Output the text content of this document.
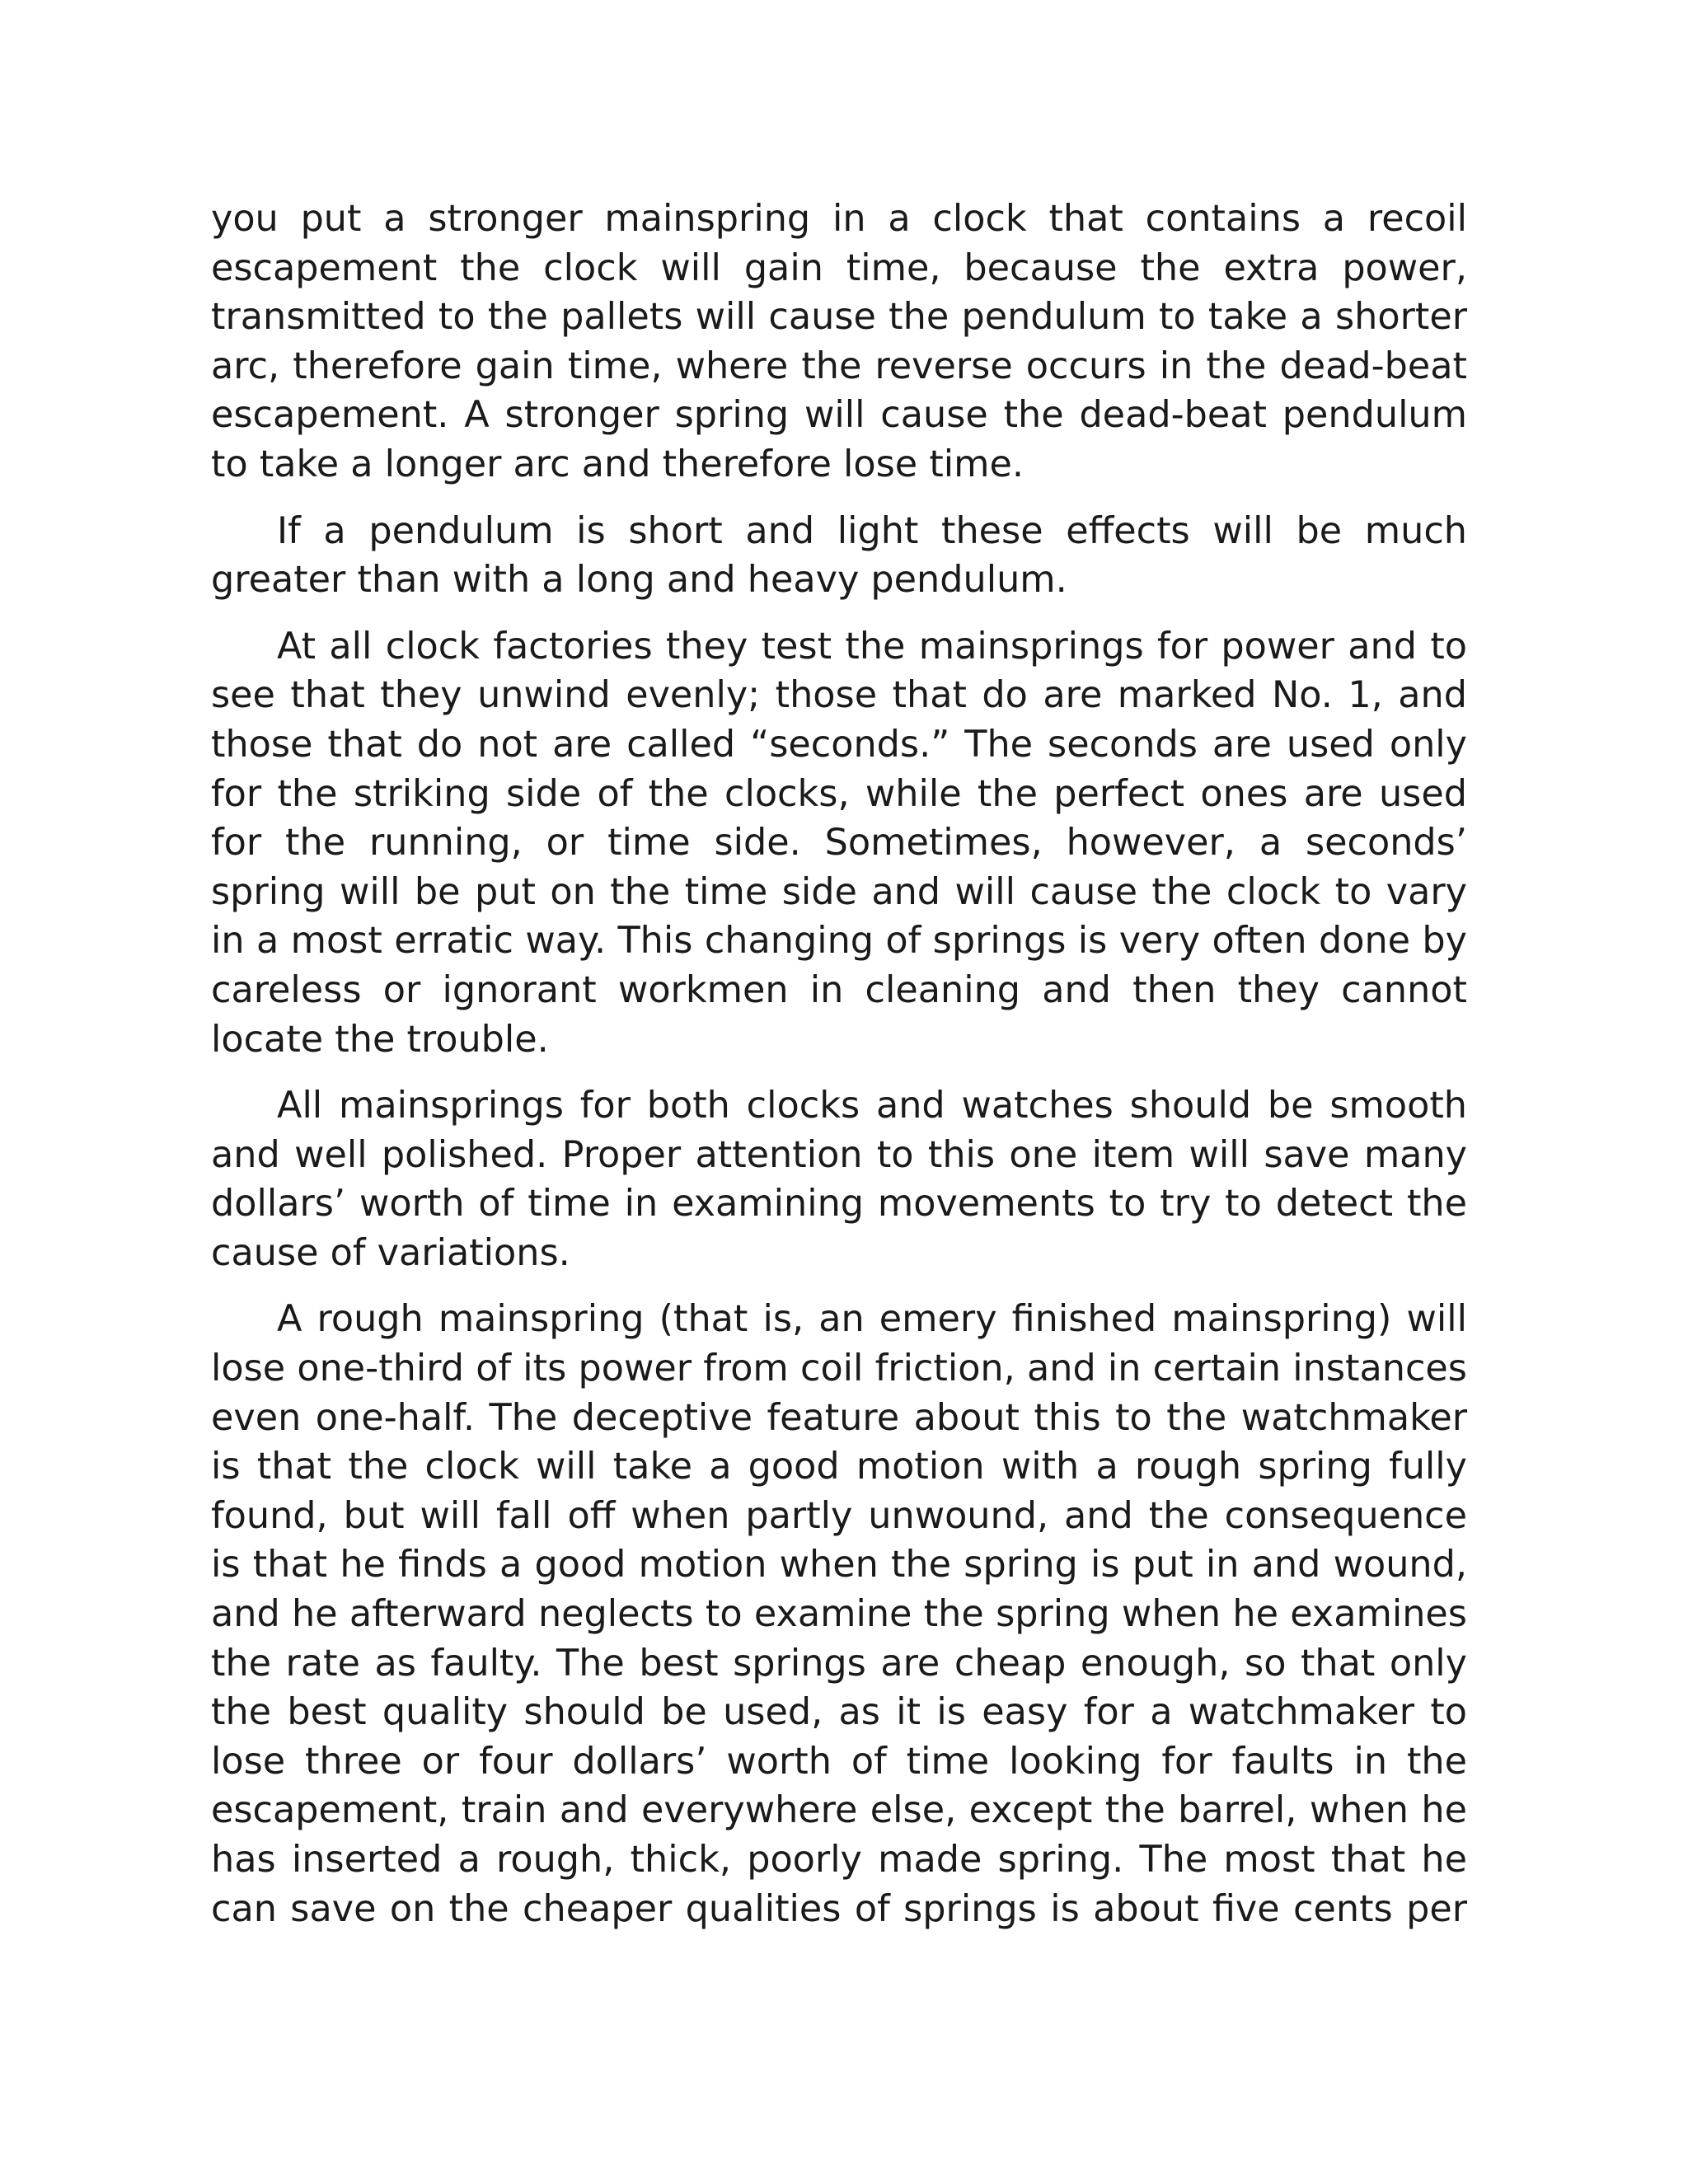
you put a stronger mainspring in a clock that contains a recoil escapement the clock will gain time, because the extra power, transmitted to the pallets will cause the pendulum to take a shorter arc, therefore gain time, where the reverse occurs in the dead-beat escapement. A stronger spring will cause the dead-beat pendulum to take a longer arc and therefore lose time.

If a pendulum is short and light these effects will be much greater than with a long and heavy pendulum.

At all clock factories they test the mainsprings for power and to see that they unwind evenly; those that do are marked No. 1, and those that do not are called “seconds.” The seconds are used only for the striking side of the clocks, while the perfect ones are used for the running, or time side. Sometimes, however, a seconds’ spring will be put on the time side and will cause the clock to vary in a most erratic way. This changing of springs is very often done by careless or ignorant workmen in cleaning and then they cannot locate the trouble.

All mainsprings for both clocks and watches should be smooth and well polished. Proper attention to this one item will save many dollars’ worth of time in examining movements to try to detect the cause of variations.

A rough mainspring (that is, an emery finished mainspring) will lose one-third of its power from coil friction, and in certain instances even one-half. The deceptive feature about this to the watchmaker is that the clock will take a good motion with a rough spring fully found, but will fall off when partly unwound, and the consequence is that he finds a good motion when the spring is put in and wound, and he afterward neglects to examine the spring when he examines the rate as faulty. The best springs are cheap enough, so that only the best quality should be used, as it is easy for a watchmaker to lose three or four dollars’ worth of time looking for faults in the escapement, train and everywhere else, except the barrel, when he has inserted a rough, thick, poorly made spring. The most that he can save on the cheaper qualities of springs is about five cents per
